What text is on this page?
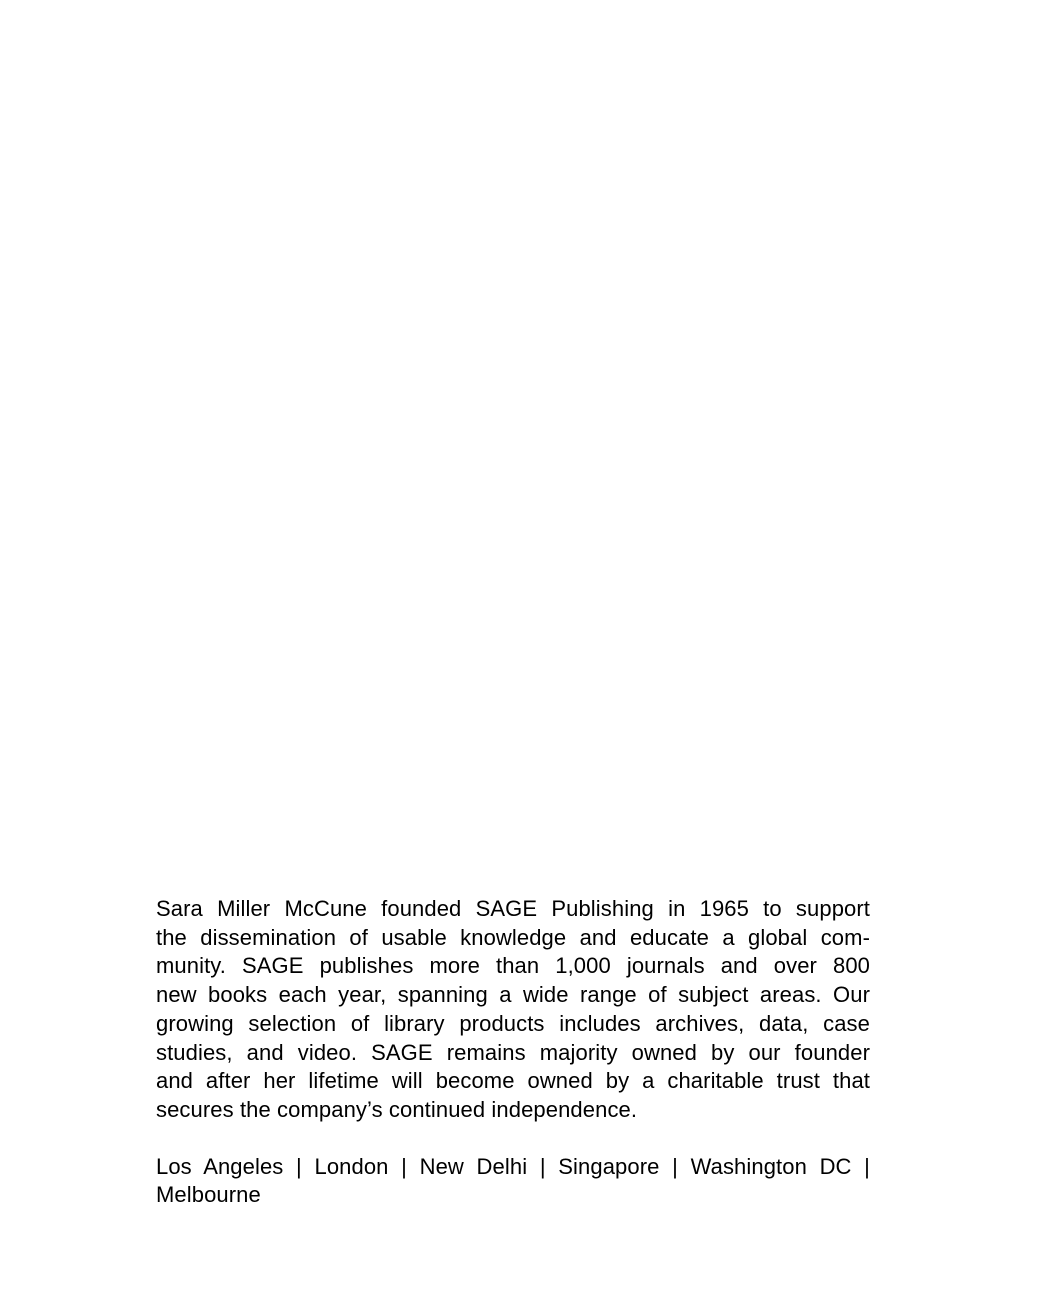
Sara Miller McCune founded SAGE Publishing in 1965 to support
the dissemination of usable knowledge and educate a global com-
munity. SAGE publishes more than 1,000 journals and over 800
new books each year, spanning a wide range of subject areas. Our
growing selection of library products includes archives, data, case
studies, and video. SAGE remains majority owned by our founder
and after her lifetime will become owned by a charitable trust that
secures the company’s continued independence.
Los Angeles | London | New Delhi | Singapore | Washington DC |
Melbourne
